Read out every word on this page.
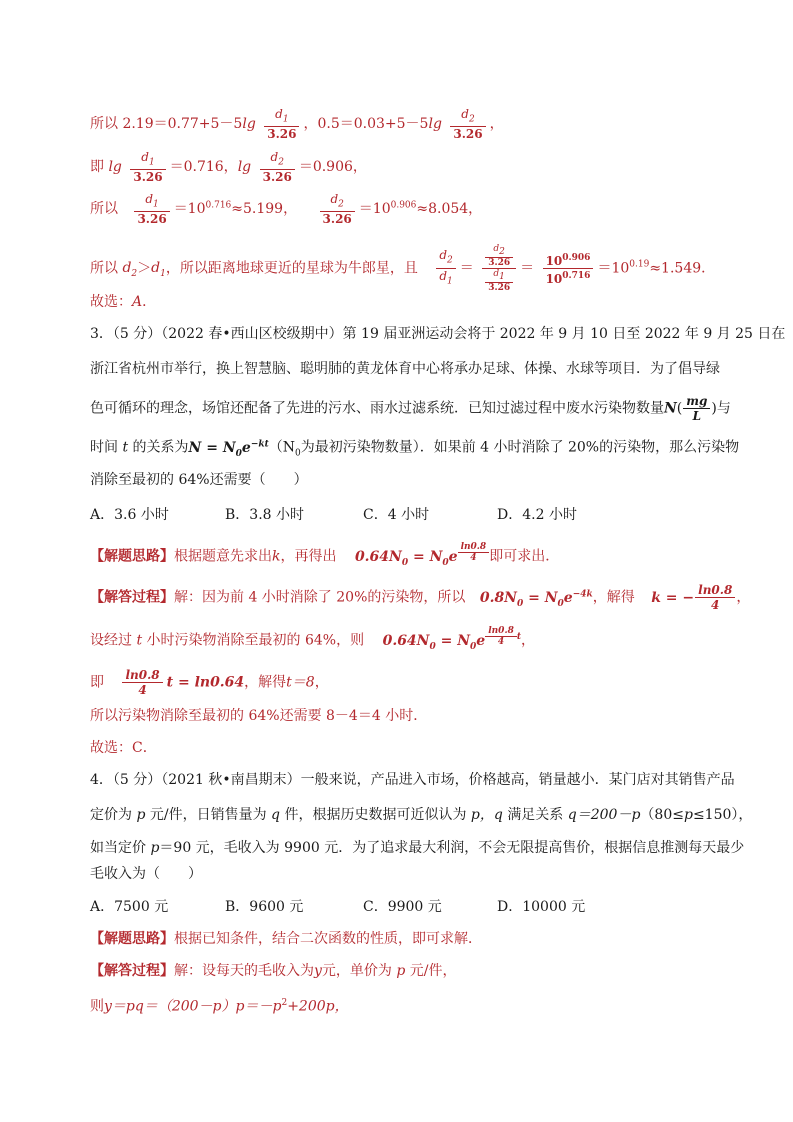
所以 $2.19=0.77+5-5\lg \frac{d_1}{3.26}$ ，$0.5=0.03+5-5\lg \frac{d_2}{3.26}$ ，
即 $\lg \frac{d_1}{3.26} =0.716$，$\lg \frac{d_2}{3.26} =0.906$，
所以 $\frac{d_1}{3.26} =10^{0.716}\approx 5.199$， $\frac{d_2}{3.26} =10^{0.906}\approx 8.054$，
所以 $d_2>d_1$，所以距离地球更近的星球为牛郎星，且 $\frac{d_2}{d_1} = \frac{\frac{d_2}{3.26}}{\frac{d_1}{3.26}} = \frac{10^{0.906}}{10^{0.716}} =10^{0.19}\approx 1.549$．
故选：A．
3．（5 分）（2022 春•西山区校级期中）第 19 届亚洲运动会将于 2022 年 9 月 10 日至 2022 年 9 月 25 日在
浙江省杭州市举行，换上智慧脑、聪明肺的黄龙体育中心将承办足球、体操、水球等项目．为了倡导绿
色可循环的理念，场馆还配备了先进的污水、雨水过滤系统．已知过滤过程中废水污染物数量$N( \frac{mg}{L}$ )与
时间 t 的关系为$N = N_0e^{-kt}(N_0$为最初污染物数量）．如果前 4 小时消除了 20%的污染物，那么污染物
消除至最初的 64%还需要（　　）
A．3.6 小时	B．3.8 小时	C．4 小时	D．4.2 小时
【解题思路】根据题意先求出k，再得出 $0.64N_0 = N_0e$ $^{\frac{\ln 0.8}{4}}$ 即可求出．
【解答过程】解：因为前 4 小时消除了 20%的污染物，所以 $0.8N_0 = N_0e^{-4k}$，解得 k = − $\frac{\ln 0.8}{4}$ ，
设经过 t 小时污染物消除至最初的 64%，则 $0.64N_0 = N_0e$ $^{\frac{\ln 0.8}{4} t}$，
即 $\frac{\ln 0.8}{4}$ t = ln0.64，解得t＝8，
所以污染物消除至最初的 64%还需要 8－4＝4 小时．
故选：C．
4．（5 分）（2021 秋•南昌期末）一般来说，产品进入市场，价格越高，销量越小．某门店对其销售产品
定价为 p 元/件，日销售量为 q 件，根据历史数据可近似认为 p，q 满足关系 q＝200－p（80≤p≤150），
如当定价 p＝90 元，毛收入为 9900 元．为了追求最大利润，不会无限提高售价，根据信息推测每天最少
毛收入为（　　）
A．7500 元	B．9600 元	C．9900 元	D．10000 元
【解题思路】根据已知条件，结合二次函数的性质，即可求解．
【解答过程】解：设每天的毛收入为y元，单价为 p 元/件，
则$y=pq=(200-p)p=-p^2+200p$，
